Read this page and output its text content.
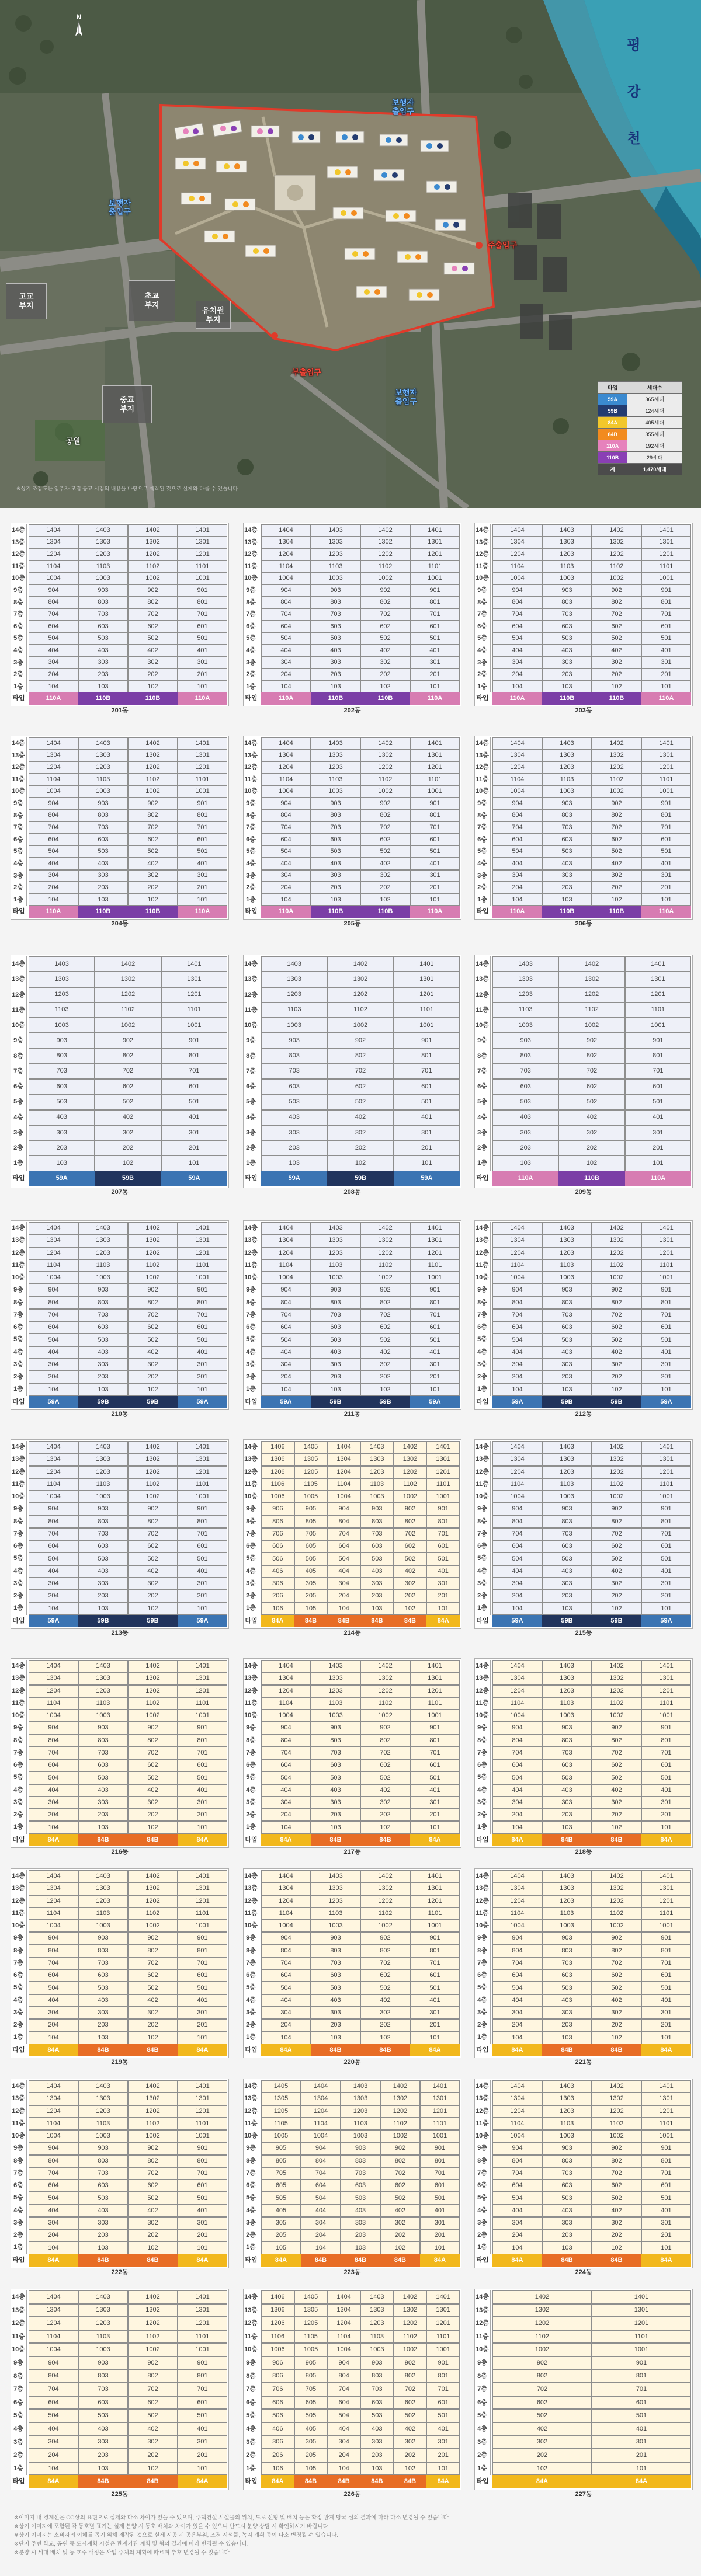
N
평
강
천
보행자
출입구
보행자
출입구
보행자
출입구
주출입구
부출입구
공원
고교
부지
초교
부지
유치원
부지
중교
부지
타입	세대수
59A	365세대
59B	124세대
84A	405세대
84B	355세대
110A	192세대
110B	29세대
계	1,470세대
※상기 조감도는 입주자 모집 공고 시점의 내용을 바탕으로 제작된 것으로 실제와 다를 수 있습니다.
14층	1404	1403	1402	1401
13층	1304	1303	1302	1301
12층	1204	1203	1202	1201
11층	1104	1103	1102	1101
10층	1004	1003	1002	1001
9층	904	903	902	901
8층	804	803	802	801
7층	704	703	702	701
6층	604	603	602	601
5층	504	503	502	501
4층	404	403	402	401
3층	304	303	302	301
2층	204	203	202	201
1층	104	103	102	101
타입	110A	110B	110B	110A
201동
14층	1404	1403	1402	1401
13층	1304	1303	1302	1301
12층	1204	1203	1202	1201
11층	1104	1103	1102	1101
10층	1004	1003	1002	1001
9층	904	903	902	901
8층	804	803	802	801
7층	704	703	702	701
6층	604	603	602	601
5층	504	503	502	501
4층	404	403	402	401
3층	304	303	302	301
2층	204	203	202	201
1층	104	103	102	101
타입	110A	110B	110B	110A
202동
14층	1404	1403	1402	1401
13층	1304	1303	1302	1301
12층	1204	1203	1202	1201
11층	1104	1103	1102	1101
10층	1004	1003	1002	1001
9층	904	903	902	901
8층	804	803	802	801
7층	704	703	702	701
6층	604	603	602	601
5층	504	503	502	501
4층	404	403	402	401
3층	304	303	302	301
2층	204	203	202	201
1층	104	103	102	101
타입	110A	110B	110B	110A
203동
14층	1404	1403	1402	1401
13층	1304	1303	1302	1301
12층	1204	1203	1202	1201
11층	1104	1103	1102	1101
10층	1004	1003	1002	1001
9층	904	903	902	901
8층	804	803	802	801
7층	704	703	702	701
6층	604	603	602	601
5층	504	503	502	501
4층	404	403	402	401
3층	304	303	302	301
2층	204	203	202	201
1층	104	103	102	101
타입	110A	110B	110B	110A
204동
14층	1404	1403	1402	1401
13층	1304	1303	1302	1301
12층	1204	1203	1202	1201
11층	1104	1103	1102	1101
10층	1004	1003	1002	1001
9층	904	903	902	901
8층	804	803	802	801
7층	704	703	702	701
6층	604	603	602	601
5층	504	503	502	501
4층	404	403	402	401
3층	304	303	302	301
2층	204	203	202	201
1층	104	103	102	101
타입	110A	110B	110B	110A
205동
14층	1404	1403	1402	1401
13층	1304	1303	1302	1301
12층	1204	1203	1202	1201
11층	1104	1103	1102	1101
10층	1004	1003	1002	1001
9층	904	903	902	901
8층	804	803	802	801
7층	704	703	702	701
6층	604	603	602	601
5층	504	503	502	501
4층	404	403	402	401
3층	304	303	302	301
2층	204	203	202	201
1층	104	103	102	101
타입	110A	110B	110B	110A
206동
14층	1403	1402	1401
13층	1303	1302	1301
12층	1203	1202	1201
11층	1103	1102	1101
10층	1003	1002	1001
9층	903	902	901
8층	803	802	801
7층	703	702	701
6층	603	602	601
5층	503	502	501
4층	403	402	401
3층	303	302	301
2층	203	202	201
1층	103	102	101
타입	59A	59B	59A
207동
14층	1403	1402	1401
13층	1303	1302	1301
12층	1203	1202	1201
11층	1103	1102	1101
10층	1003	1002	1001
9층	903	902	901
8층	803	802	801
7층	703	702	701
6층	603	602	601
5층	503	502	501
4층	403	402	401
3층	303	302	301
2층	203	202	201
1층	103	102	101
타입	59A	59B	59A
208동
14층	1403	1402	1401
13층	1303	1302	1301
12층	1203	1202	1201
11층	1103	1102	1101
10층	1003	1002	1001
9층	903	902	901
8층	803	802	801
7층	703	702	701
6층	603	602	601
5층	503	502	501
4층	403	402	401
3층	303	302	301
2층	203	202	201
1층	103	102	101
타입	110A	110B	110A
209동
14층	1404	1403	1402	1401
13층	1304	1303	1302	1301
12층	1204	1203	1202	1201
11층	1104	1103	1102	1101
10층	1004	1003	1002	1001
9층	904	903	902	901
8층	804	803	802	801
7층	704	703	702	701
6층	604	603	602	601
5층	504	503	502	501
4층	404	403	402	401
3층	304	303	302	301
2층	204	203	202	201
1층	104	103	102	101
타입	59A	59B	59B	59A
210동
14층	1404	1403	1402	1401
13층	1304	1303	1302	1301
12층	1204	1203	1202	1201
11층	1104	1103	1102	1101
10층	1004	1003	1002	1001
9층	904	903	902	901
8층	804	803	802	801
7층	704	703	702	701
6층	604	603	602	601
5층	504	503	502	501
4층	404	403	402	401
3층	304	303	302	301
2층	204	203	202	201
1층	104	103	102	101
타입	59A	59B	59B	59A
211동
14층	1404	1403	1402	1401
13층	1304	1303	1302	1301
12층	1204	1203	1202	1201
11층	1104	1103	1102	1101
10층	1004	1003	1002	1001
9층	904	903	902	901
8층	804	803	802	801
7층	704	703	702	701
6층	604	603	602	601
5층	504	503	502	501
4층	404	403	402	401
3층	304	303	302	301
2층	204	203	202	201
1층	104	103	102	101
타입	59A	59B	59B	59A
212동
14층	1404	1403	1402	1401
13층	1304	1303	1302	1301
12층	1204	1203	1202	1201
11층	1104	1103	1102	1101
10층	1004	1003	1002	1001
9층	904	903	902	901
8층	804	803	802	801
7층	704	703	702	701
6층	604	603	602	601
5층	504	503	502	501
4층	404	403	402	401
3층	304	303	302	301
2층	204	203	202	201
1층	104	103	102	101
타입	59A	59B	59B	59A
213동
14층	1406	1405	1404	1403	1402	1401
13층	1306	1305	1304	1303	1302	1301
12층	1206	1205	1204	1203	1202	1201
11층	1106	1105	1104	1103	1102	1101
10층	1006	1005	1004	1003	1002	1001
9층	906	905	904	903	902	901
8층	806	805	804	803	802	801
7층	706	705	704	703	702	701
6층	606	605	604	603	602	601
5층	506	505	504	503	502	501
4층	406	405	404	403	402	401
3층	306	305	304	303	302	301
2층	206	205	204	203	202	201
1층	106	105	104	103	102	101
타입	84A	84B	84B	84B	84B	84A
214동
14층	1404	1403	1402	1401
13층	1304	1303	1302	1301
12층	1204	1203	1202	1201
11층	1104	1103	1102	1101
10층	1004	1003	1002	1001
9층	904	903	902	901
8층	804	803	802	801
7층	704	703	702	701
6층	604	603	602	601
5층	504	503	502	501
4층	404	403	402	401
3층	304	303	302	301
2층	204	203	202	201
1층	104	103	102	101
타입	59A	59B	59B	59A
215동
14층	1404	1403	1402	1401
13층	1304	1303	1302	1301
12층	1204	1203	1202	1201
11층	1104	1103	1102	1101
10층	1004	1003	1002	1001
9층	904	903	902	901
8층	804	803	802	801
7층	704	703	702	701
6층	604	603	602	601
5층	504	503	502	501
4층	404	403	402	401
3층	304	303	302	301
2층	204	203	202	201
1층	104	103	102	101
타입	84A	84B	84B	84A
216동
14층	1404	1403	1402	1401
13층	1304	1303	1302	1301
12층	1204	1203	1202	1201
11층	1104	1103	1102	1101
10층	1004	1003	1002	1001
9층	904	903	902	901
8층	804	803	802	801
7층	704	703	702	701
6층	604	603	602	601
5층	504	503	502	501
4층	404	403	402	401
3층	304	303	302	301
2층	204	203	202	201
1층	104	103	102	101
타입	84A	84B	84B	84A
217동
14층	1404	1403	1402	1401
13층	1304	1303	1302	1301
12층	1204	1203	1202	1201
11층	1104	1103	1102	1101
10층	1004	1003	1002	1001
9층	904	903	902	901
8층	804	803	802	801
7층	704	703	702	701
6층	604	603	602	601
5층	504	503	502	501
4층	404	403	402	401
3층	304	303	302	301
2층	204	203	202	201
1층	104	103	102	101
타입	84A	84B	84B	84A
218동
14층	1404	1403	1402	1401
13층	1304	1303	1302	1301
12층	1204	1203	1202	1201
11층	1104	1103	1102	1101
10층	1004	1003	1002	1001
9층	904	903	902	901
8층	804	803	802	801
7층	704	703	702	701
6층	604	603	602	601
5층	504	503	502	501
4층	404	403	402	401
3층	304	303	302	301
2층	204	203	202	201
1층	104	103	102	101
타입	84A	84B	84B	84A
219동
14층	1404	1403	1402	1401
13층	1304	1303	1302	1301
12층	1204	1203	1202	1201
11층	1104	1103	1102	1101
10층	1004	1003	1002	1001
9층	904	903	902	901
8층	804	803	802	801
7층	704	703	702	701
6층	604	603	602	601
5층	504	503	502	501
4층	404	403	402	401
3층	304	303	302	301
2층	204	203	202	201
1층	104	103	102	101
타입	84A	84B	84B	84A
220동
14층	1404	1403	1402	1401
13층	1304	1303	1302	1301
12층	1204	1203	1202	1201
11층	1104	1103	1102	1101
10층	1004	1003	1002	1001
9층	904	903	902	901
8층	804	803	802	801
7층	704	703	702	701
6층	604	603	602	601
5층	504	503	502	501
4층	404	403	402	401
3층	304	303	302	301
2층	204	203	202	201
1층	104	103	102	101
타입	84A	84B	84B	84A
221동
14층	1404	1403	1402	1401
13층	1304	1303	1302	1301
12층	1204	1203	1202	1201
11층	1104	1103	1102	1101
10층	1004	1003	1002	1001
9층	904	903	902	901
8층	804	803	802	801
7층	704	703	702	701
6층	604	603	602	601
5층	504	503	502	501
4층	404	403	402	401
3층	304	303	302	301
2층	204	203	202	201
1층	104	103	102	101
타입	84A	84B	84B	84A
222동
14층	1405	1404	1403	1402	1401
13층	1305	1304	1303	1302	1301
12층	1205	1204	1203	1202	1201
11층	1105	1104	1103	1102	1101
10층	1005	1004	1003	1002	1001
9층	905	904	903	902	901
8층	805	804	803	802	801
7층	705	704	703	702	701
6층	605	604	603	602	601
5층	505	504	503	502	501
4층	405	404	403	402	401
3층	305	304	303	302	301
2층	205	204	203	202	201
1층	105	104	103	102	101
타입	84A	84B	84B	84B	84A
223동
14층	1404	1403	1402	1401
13층	1304	1303	1302	1301
12층	1204	1203	1202	1201
11층	1104	1103	1102	1101
10층	1004	1003	1002	1001
9층	904	903	902	901
8층	804	803	802	801
7층	704	703	702	701
6층	604	603	602	601
5층	504	503	502	501
4층	404	403	402	401
3층	304	303	302	301
2층	204	203	202	201
1층	104	103	102	101
타입	84A	84B	84B	84A
224동
14층	1404	1403	1402	1401
13층	1304	1303	1302	1301
12층	1204	1203	1202	1201
11층	1104	1103	1102	1101
10층	1004	1003	1002	1001
9층	904	903	902	901
8층	804	803	802	801
7층	704	703	702	701
6층	604	603	602	601
5층	504	503	502	501
4층	404	403	402	401
3층	304	303	302	301
2층	204	203	202	201
1층	104	103	102	101
타입	84A	84B	84B	84A
225동
14층	1406	1405	1404	1403	1402	1401
13층	1306	1305	1304	1303	1302	1301
12층	1206	1205	1204	1203	1202	1201
11층	1106	1105	1104	1103	1102	1101
10층	1006	1005	1004	1003	1002	1001
9층	906	905	904	903	902	901
8층	806	805	804	803	802	801
7층	706	705	704	703	702	701
6층	606	605	604	603	602	601
5층	506	505	504	503	502	501
4층	406	405	404	403	402	401
3층	306	305	304	303	302	301
2층	206	205	204	203	202	201
1층	106	105	104	103	102	101
타입	84A	84B	84B	84B	84B	84A
226동
14층	1402	1401
13층	1302	1301
12층	1202	1201
11층	1102	1101
10층	1002	1001
9층	902	901
8층	802	801
7층	702	701
6층	602	601
5층	502	501
4층	402	401
3층	302	301
2층	202	201
1층	102	101
타입	84A	84A
227동
※이미지 내 경계선은 CG상의 표현으로 실제와 다소 차이가 있을 수 있으며, 주택건설 시설물의 위치, 도로 선형 및 배치 등은 확정 관계 당국 심의 결과에 따라 다소 변경될 수 있습니다.
※상기 이미지에 포함된 각 동호별 표기는 실제 분양 시 동호 배치와 차이가 있을 수 있으니 반드시 분양 상담 시 확인하시기 바랍니다.
※상기 이미지는 소비자의 이해를 돕기 위해 제작된 것으로 실제 시공 시 공용부위, 조경 시설물, 녹지 계획 등이 다소 변경될 수 있습니다.
※단지 주변 학교, 공원 등 도시계획 시설은 관계기관 계획 및 협의 결과에 따라 변경될 수 있습니다.
※분양 시 세대 배치 및 동 호수 배정은 사업 주체의 계획에 따르며 추후 변경될 수 있습니다.
